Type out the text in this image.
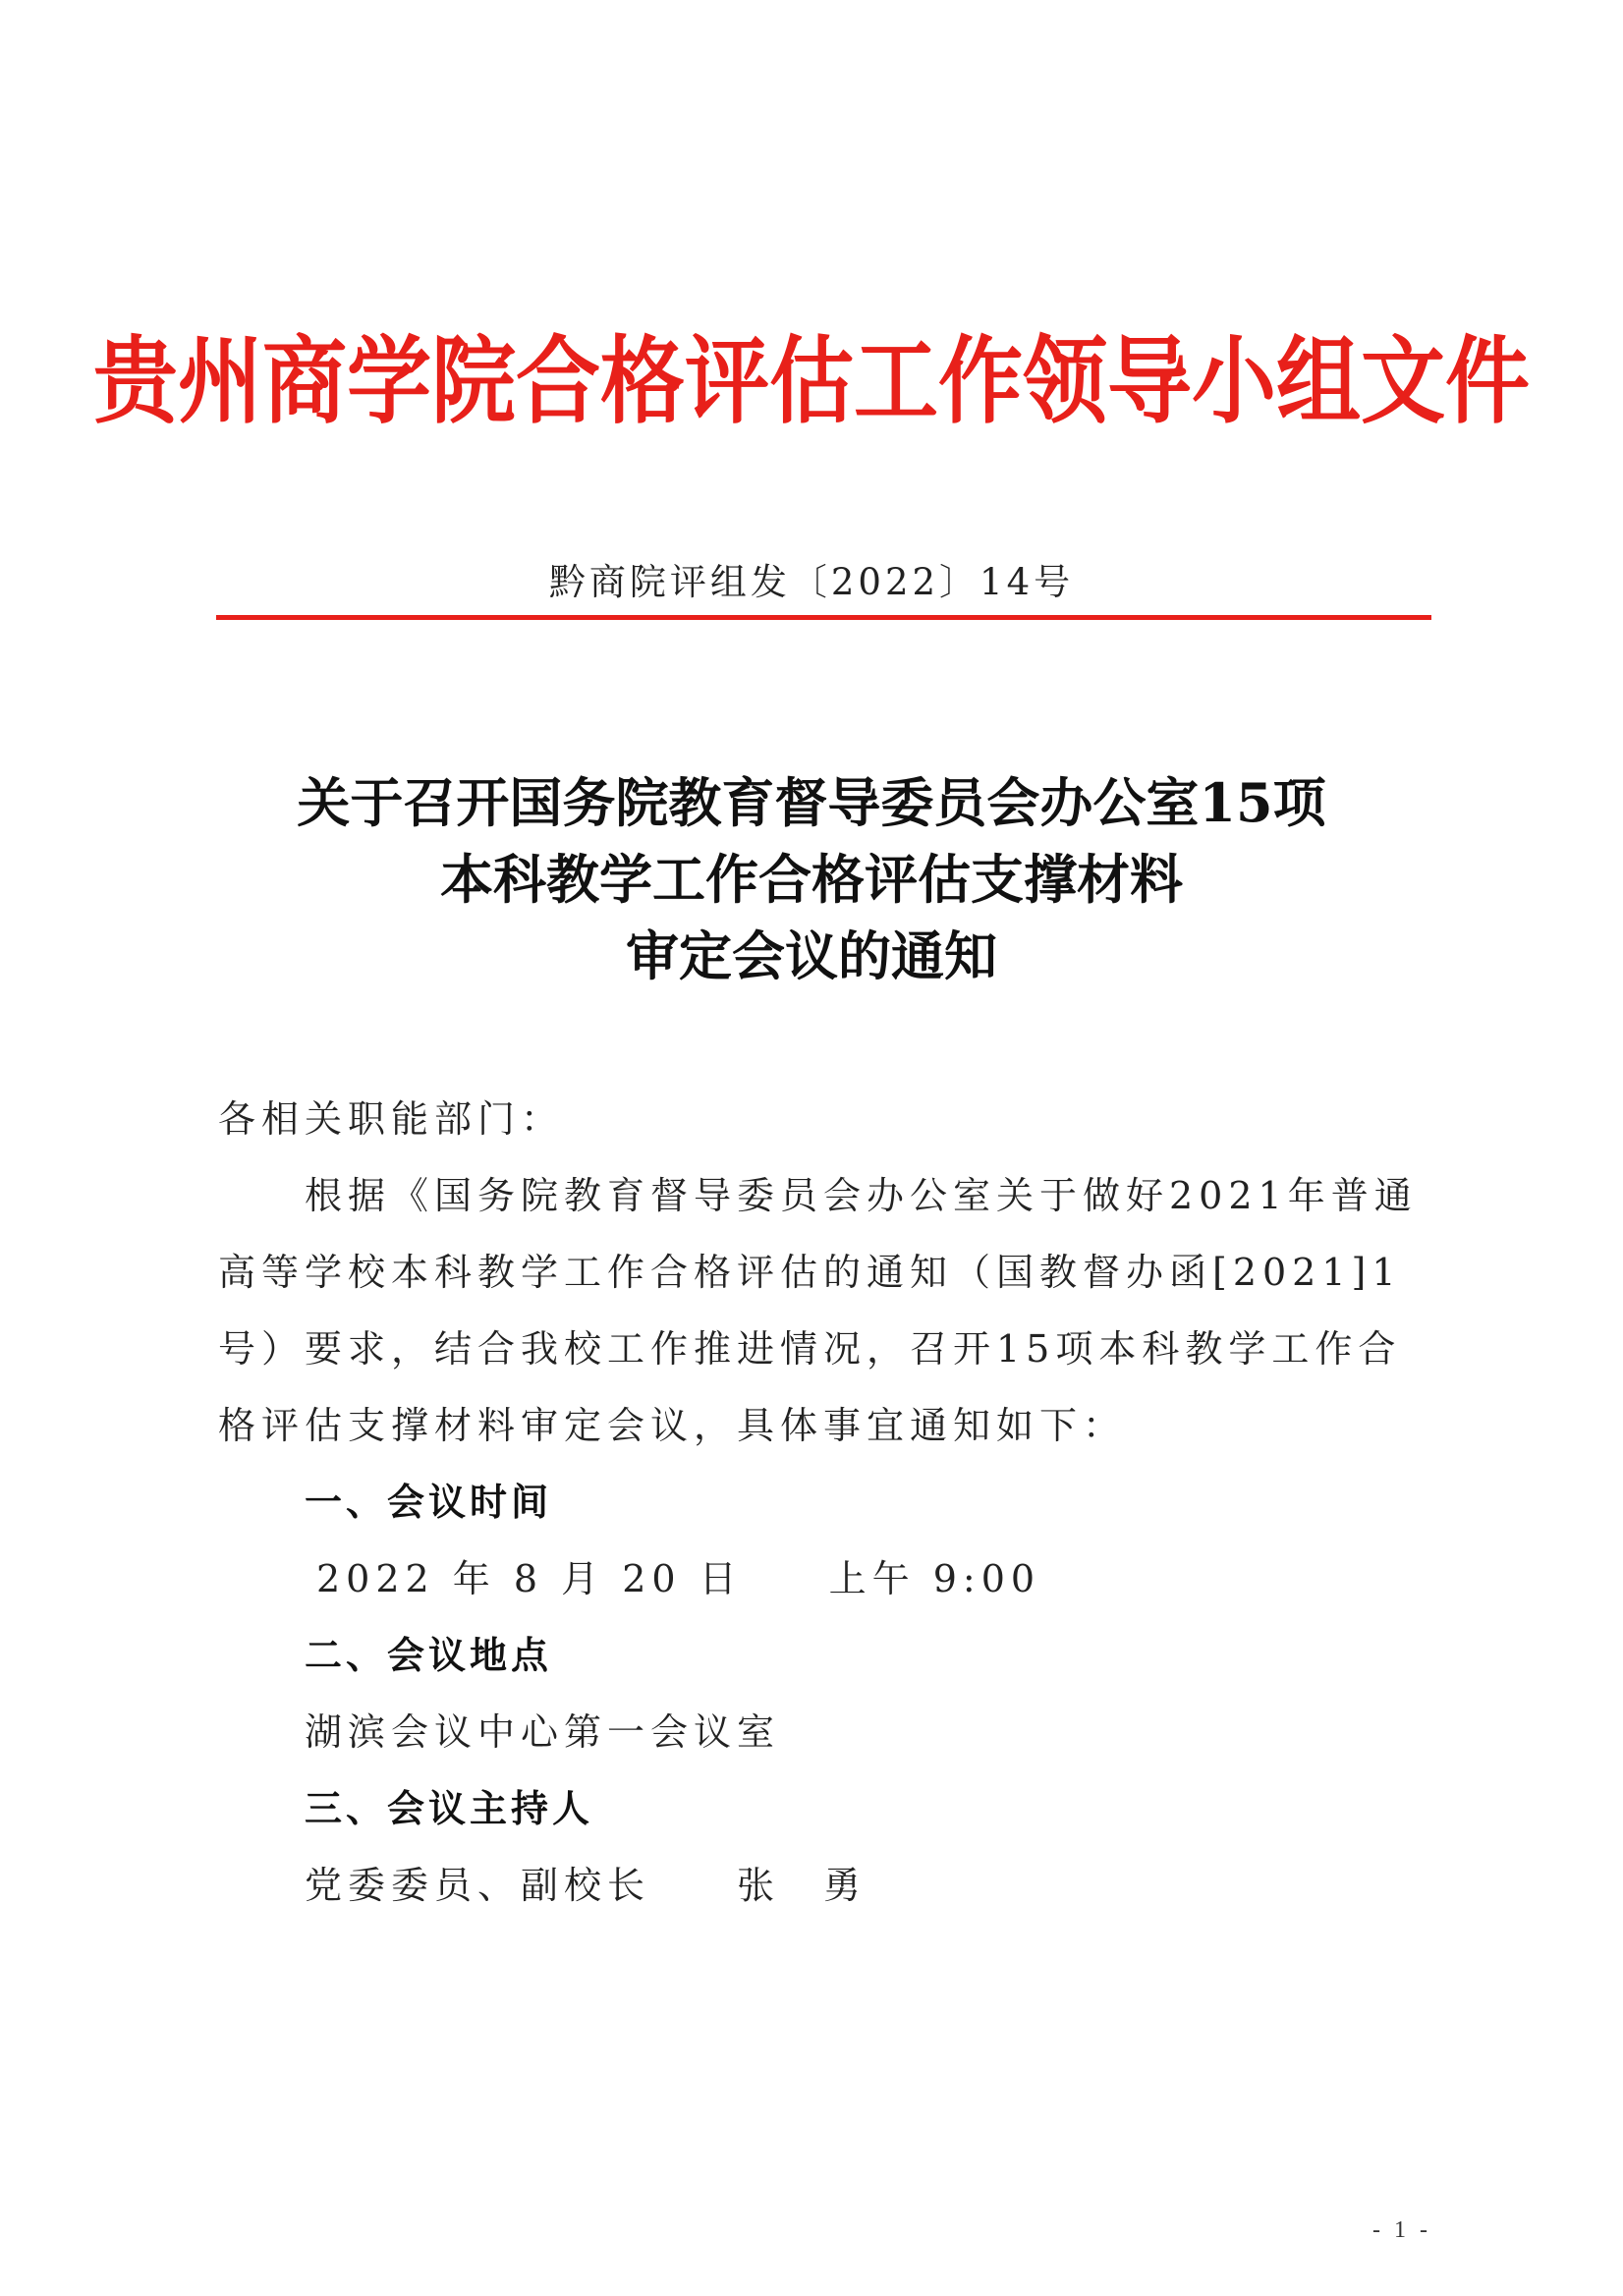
贵州商学院合格评估工作领导小组文件
黔商院评组发〔2022〕14号
关于召开国务院教育督导委员会办公室15项
本科教学工作合格评估支撑材料
审定会议的通知
各相关职能部门：
根据《国务院教育督导委员会办公室关于做好2021年普通
高等学校本科教学工作合格评估的通知（国教督办函[2021]1
号）要求，结合我校工作推进情况，召开15项本科教学工作合
格评估支撑材料审定会议，具体事宜通知如下：
一、会议时间
2022 年 8 月 20 日　　上午 9:00
二、会议地点
湖滨会议中心第一会议室
三、会议主持人
党委委员、副校长　　张　勇
- 1 -
